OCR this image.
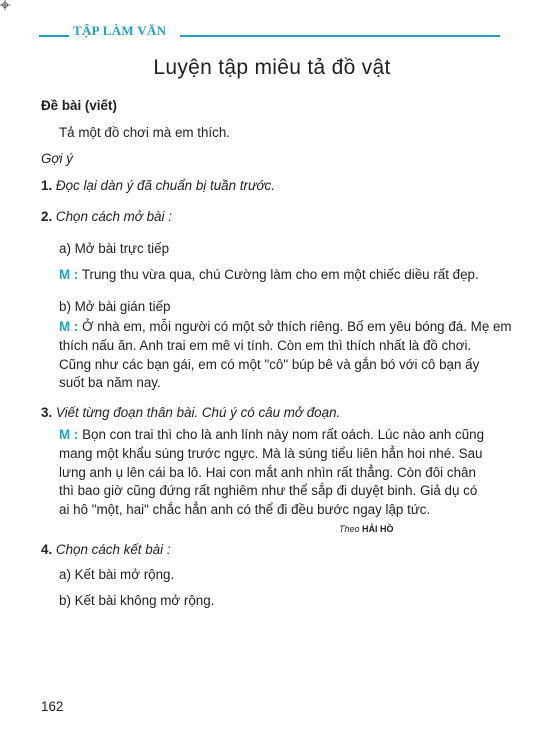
TẬP LÀM VĂN
Luyện tập miêu tả đồ vật
Đề bài (viết)
Tả một đồ chơi mà em thích.
Gợi ý
1. Đọc lại dàn ý đã chuẩn bị tuần trước.
2. Chọn cách mở bài :
a) Mở bài trực tiếp
M : Trung thu vừa qua, chú Cường làm cho em một chiếc diều rất đẹp.
b) Mở bài gián tiếp
M : Ở nhà em, mỗi người có một sở thích riêng. Bố em yêu bóng đá. Mẹ em
thích nấu ăn. Anh trai em mê vi tính. Còn em thì thích nhất là đồ chơi.
Cũng như các bạn gái, em có một "cô" búp bê và gắn bó với cô bạn ấy
suốt ba năm nay.
3. Viết từng đoạn thân bài. Chú ý có câu mở đoạn.
M : Bọn con trai thì cho là anh lính này nom rất oách. Lúc nào anh cũng
mang một khẩu súng trước ngực. Mà là súng tiểu liên hẳn hoi nhé. Sau
lưng anh ụ lên cái ba lô. Hai con mắt anh nhìn rất thẳng. Còn đôi chân
thì bao giờ cũng đứng rất nghiêm như thể sắp đi duyệt binh. Giả dụ có
ai hô "một, hai" chắc hẳn anh có thể đi đều bước ngay lập tức.
Theo HẢI HỒ
4. Chọn cách kết bài :
a) Kết bài mở rộng.
b) Kết bài không mở rộng.
162
